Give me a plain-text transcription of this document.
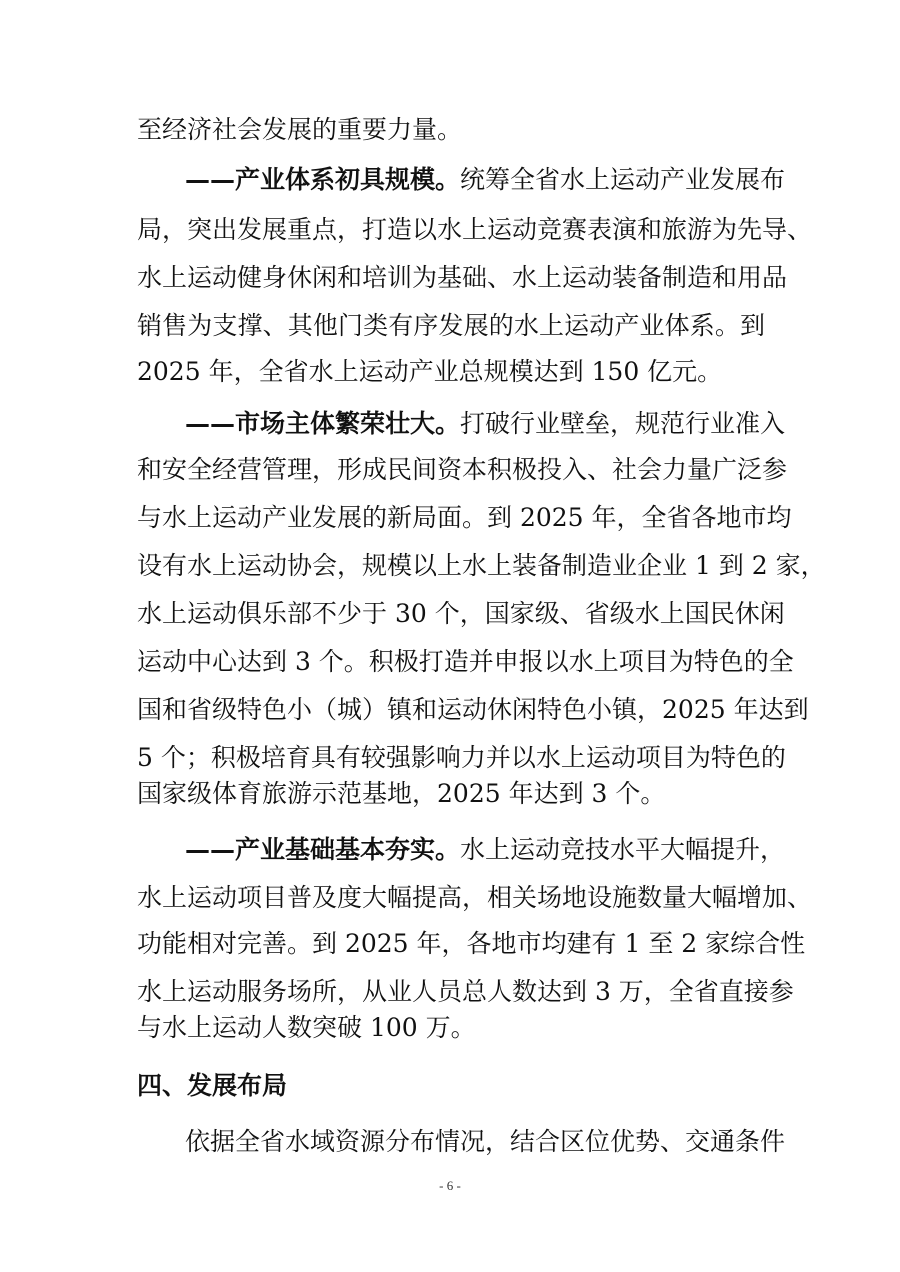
至经济社会发展的重要力量。
——产业体系初具规模。统筹全省水上运动产业发展布
局，突出发展重点，打造以水上运动竞赛表演和旅游为先导、
水上运动健身休闲和培训为基础、水上运动装备制造和用品
销售为支撑、其他门类有序发展的水上运动产业体系。到
2025 年，全省水上运动产业总规模达到 150 亿元。
——市场主体繁荣壮大。打破行业壁垒，规范行业准入
和安全经营管理，形成民间资本积极投入、社会力量广泛参
与水上运动产业发展的新局面。到 2025 年，全省各地市均
设有水上运动协会，规模以上水上装备制造业企业 1 到 2 家，
水上运动俱乐部不少于 30 个，国家级、省级水上国民休闲
运动中心达到 3 个。积极打造并申报以水上项目为特色的全
国和省级特色小（城）镇和运动休闲特色小镇，2025 年达到
5 个；积极培育具有较强影响力并以水上运动项目为特色的
国家级体育旅游示范基地，2025 年达到 3 个。
——产业基础基本夯实。水上运动竞技水平大幅提升，
水上运动项目普及度大幅提高，相关场地设施数量大幅增加、
功能相对完善。到 2025 年，各地市均建有 1 至 2 家综合性
水上运动服务场所，从业人员总人数达到 3 万，全省直接参
与水上运动人数突破 100 万。
四、发展布局
依据全省水域资源分布情况，结合区位优势、交通条件
- 6 -
